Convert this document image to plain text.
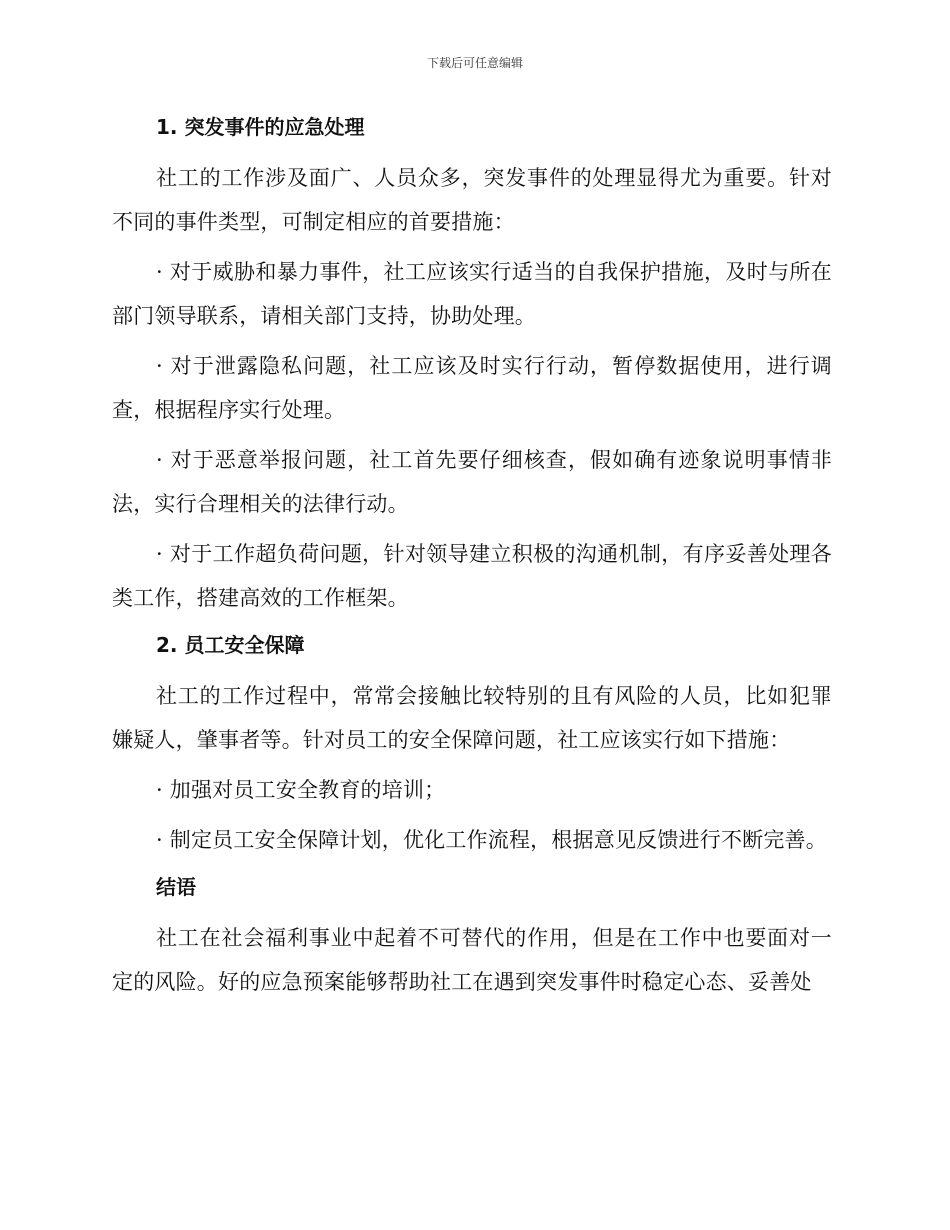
下载后可任意编辑
1. 突发事件的应急处理

社工的工作涉及面广、人员众多，突发事件的处理显得尤为重要。针对不同的事件类型，可制定相应的首要措施：

· 对于威胁和暴力事件，社工应该实行适当的自我保护措施，及时与所在部门领导联系，请相关部门支持，协助处理。

· 对于泄露隐私问题，社工应该及时实行行动，暂停数据使用，进行调查，根据程序实行处理。

· 对于恶意举报问题，社工首先要仔细核查，假如确有迹象说明事情非法，实行合理相关的法律行动。

· 对于工作超负荷问题，针对领导建立积极的沟通机制，有序妥善处理各类工作，搭建高效的工作框架。

2. 员工安全保障

社工的工作过程中，常常会接触比较特别的且有风险的人员，比如犯罪嫌疑人，肇事者等。针对员工的安全保障问题，社工应该实行如下措施：

· 加强对员工安全教育的培训；

· 制定员工安全保障计划，优化工作流程，根据意见反馈进行不断完善。

结语

社工在社会福利事业中起着不可替代的作用，但是在工作中也要面对一定的风险。好的应急预案能够帮助社工在遇到突发事件时稳定心态、妥善处
